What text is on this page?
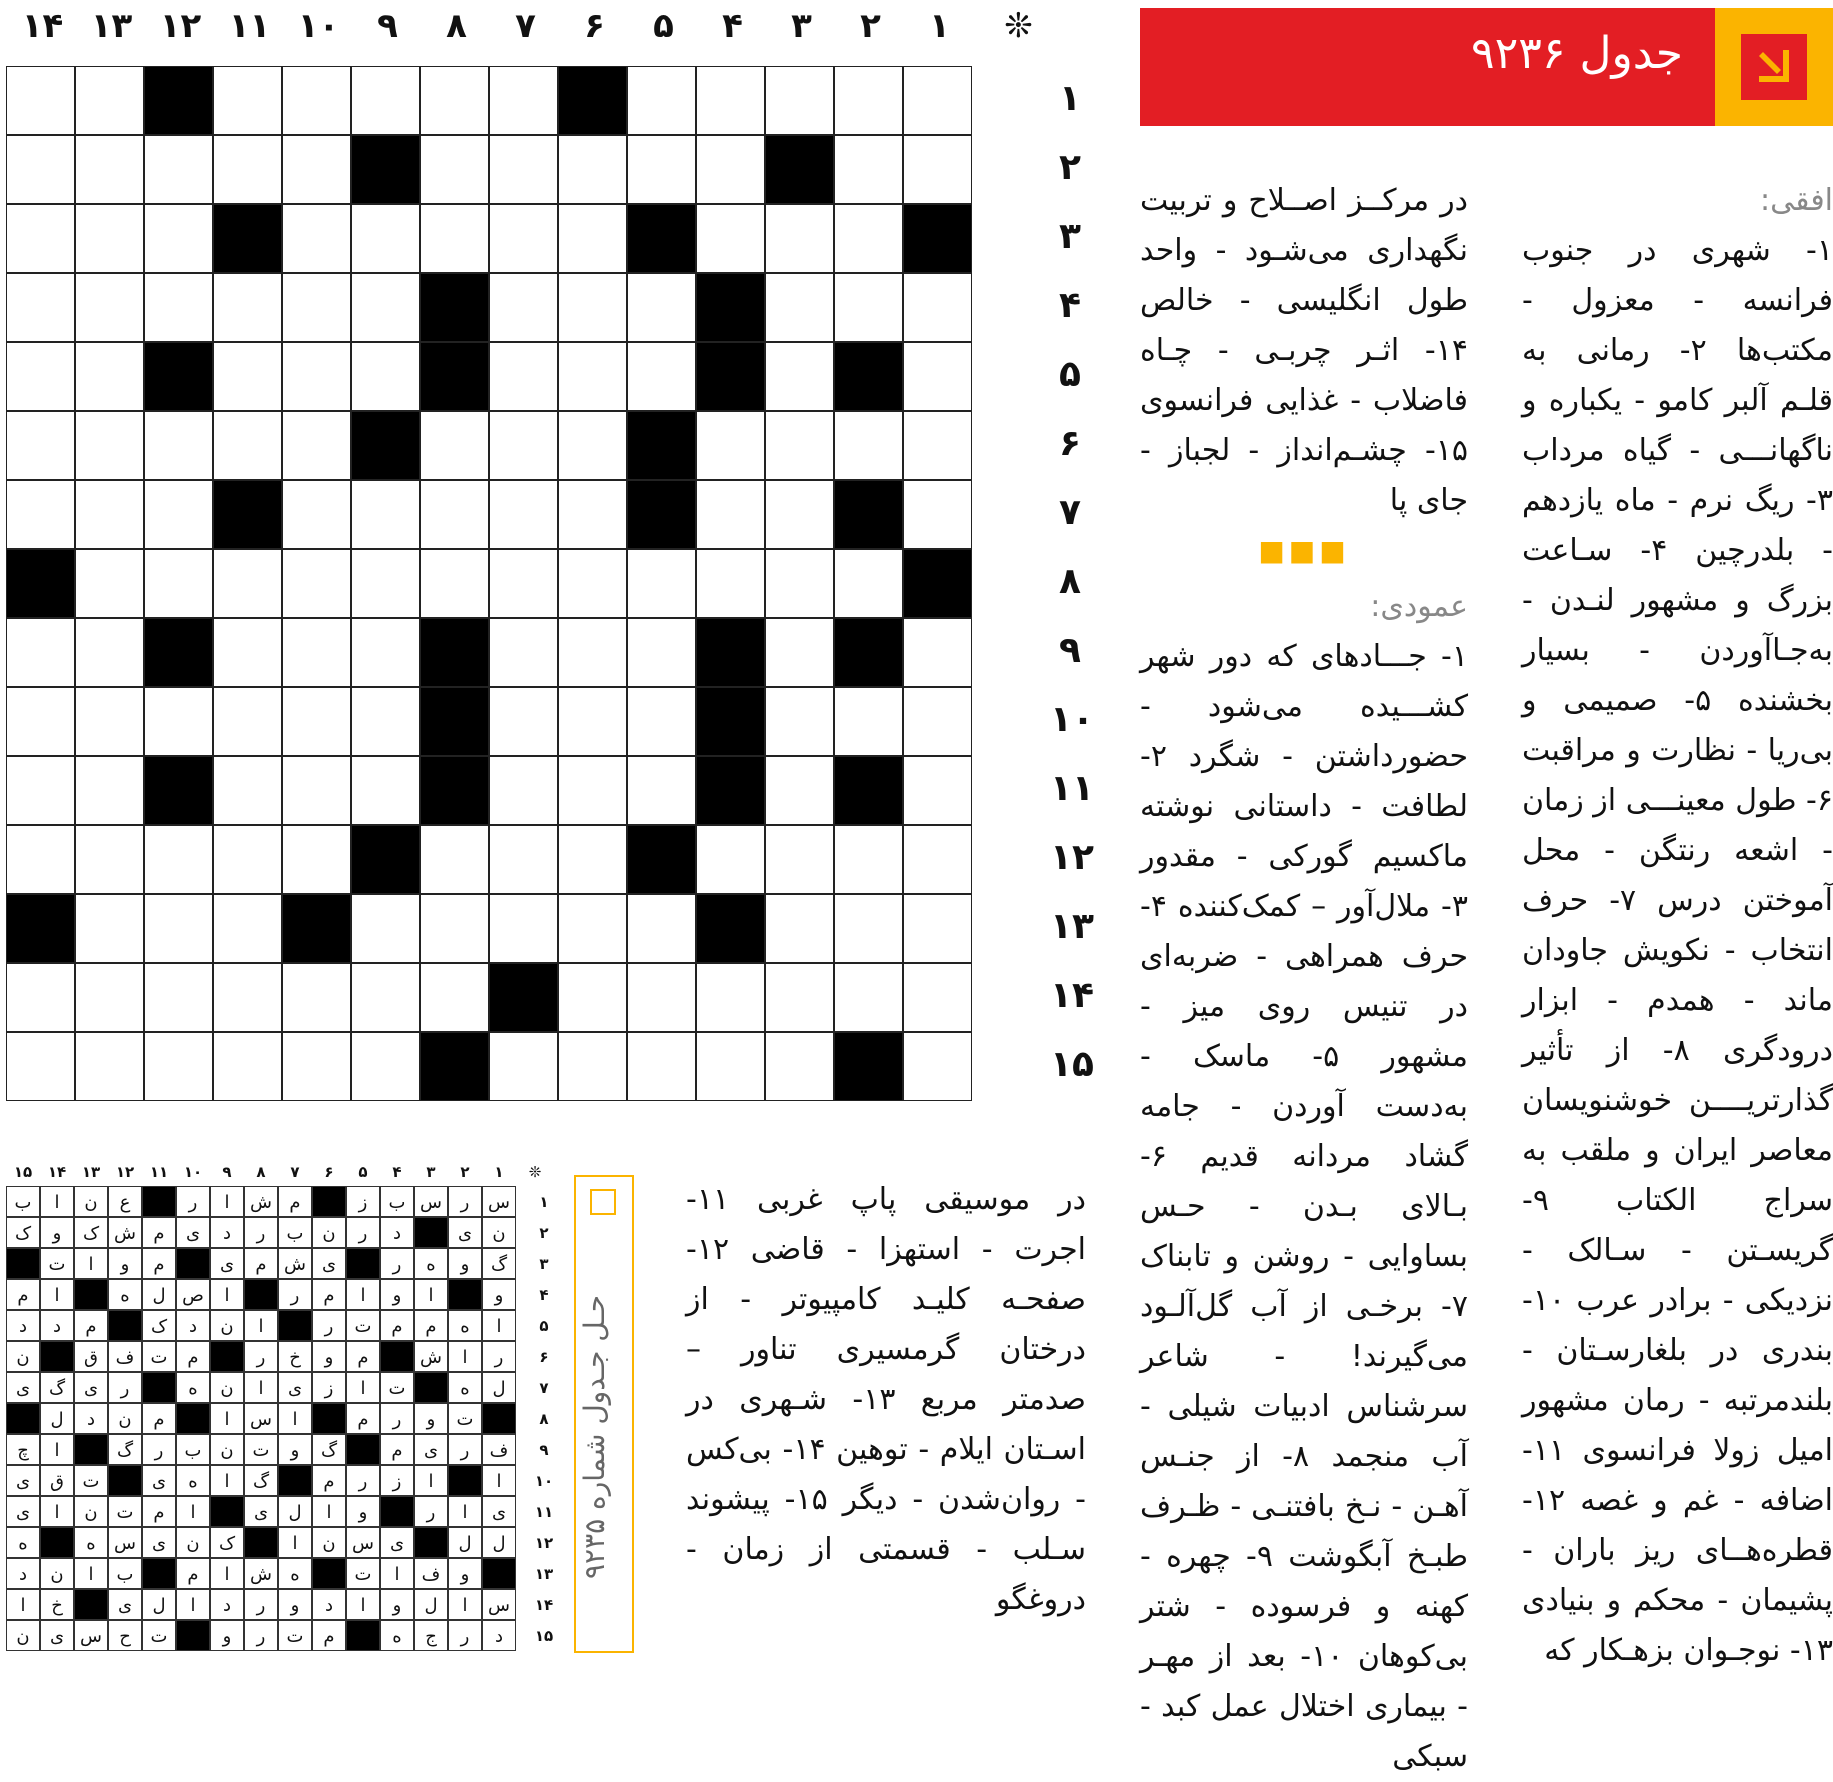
جدول ۹۲۳۶
افقی:
۱- شهری در جنوب فرانسه - معزول - مکتب‌ها ۲- رمانی به قلـم آلبر کامو - یکباره و ناگهانـــی - گیاه مرداب ۳- ریگ نرم - ماه یازدهم - بلدرچین ۴- سـاعت بزرگ و مشهور لنـدن - به‌جـاآوردن - بسیار بخشنده ۵- صمیمی و بی‌ریا - نظارت و مراقبت ۶- طول معینـــی از زمان - اشعه رنتگن - محل آموختن درس ۷- حرف انتخاب - نکویش جاودان ماند - همدم - ابزار درودگری ۸- از تأثیر گذارتریــــن خوشنویسان معاصر ایران و ملقب به سراج الکتاب ۹- گریسـتن - سـالک - نزدیکی - برادر عرب ۱۰- بندری در بلغارسـتان - بلندمرتبه - رمان مشهور امیل زولا فرانسوی ۱۱- اضافه - غم و غصه ۱۲- قطره‌هــای ریز باران - پشیمان - محکم و بنیادی ۱۳- نوجـوان بزهـکار که
در مرکــز اصــلاح و تربیت نگهداری می‌شـود - واحد طول انگلیسی - خالص ۱۴- اثـر چربـی - چـاه فاضلاب - غذایی فرانسوی ۱۵- چشـم‌انداز - لجباز - جای پا
■■■
عمودی:
۱- جـــادهای که دور شهر کشـــیده می‌شود - حضورداشتن - شگرد ۲- لطافت - داستانی نوشته ماکسیم گورکی - مقدور ۳- ملال‌آور – کمک‌کننده ۴- حرف همراهی - ضربه‌ای در تنیس روی میز - مشهور ۵- ماسک - به‌دست آوردن - جامه گشاد مردانه قدیم ۶- بـالای بـدن - حـس بساوایی - روشن و تابناک ۷- برخـی از آب گل‌آلـود می‌گیرند! - شاعر سرشناس ادبیات شیلی - آب منجمد ۸- از جنـس آهـن - نـخ بافتنـی - ظـرف طبـخ آبگوشت ۹- چهره - کهنه و فرسوده - شتر بی‌کوهان ۱۰- بعد از مهـر - بیماری اختلال عمل کبد - سبکی
در موسیقی پاپ غربی ۱۱- اجرت - استهزا - قاضی ۱۲- صفحـه کلیـد کامپیوتر - از درختان گرمسیری تناور – صدمتر مربع ۱۳- شـهری در اسـتان ایلام - توهین ۱۴- بی‌کس - روان‌شدن - دیگر ۱۵- پیشوند سـلب - قسمتی از زمان - دروغگو
۱
۲
۳
۴
۵
۶
۷
۸
۹
۱۰
۱۱
۱۲
۱۳
۱۴	❊
۱
۲
۳
۴
۵
۶
۷
۸
۹
۱۰
۱۱
۱۲
۱۳
۱۴
۱۵
حـل جـدول شماره ۹۲۳۵
۱
۲
۳
۴
۵
۶
۷
۸
۹
۱۰
۱۱
۱۲
۱۳
۱۴
۱۵	❊
۱
۲
۳
۴
۵
۶
۷
۸
۹
۱۰
۱۱
۱۲
۱۳
۱۴
۱۵
س
ر
س
ب
ز
م
ش
ا
ر
ع
ن
ا
ب
ن
ی
د
ر
ن
ب
ر
د
ی
م
ش
ک
و
ک
گ
و
ه
ر
ی
ش
م
ی
م
و
ا
ت
و
ا
و
ا
م
ر
ا
ص
ل
ه
ا
م
ا
ه
م
م
ت
ر
ا
ن
د
ک
م
د
د
ر
ا
ش
م
و
خ
ر
م
ت
ف
ق
ن
ل
ه
ت
ا
ز
ی
ا
ن
ه
ر
ی
گ
ی
ت
و
ر
م
ا
س
ا
م
ن
د
ل
ف
ر
ی
م
گ
و
ت
ن
ب
ر
گ
ا
چ
ا
ا
ز
ر
م
گ
ا
ه
ی
ت
ق
ی
ی
ا
ر
و
ا
ل
ی
ا
م
ت
ن
ا
ی
ل
ل
ی
س
ن
ا
ک
ن
ی
س
ه
ه
و
ف
ا
ت
ه
ش
ا
م
ب
ا
ن
د
س
ا
ل
و
ا
د
و
ر
د
ا
ل
ی
خ
ا
د
ر
ج
ه
م
ت
ر
و
ت
ح
س
ی
ن
